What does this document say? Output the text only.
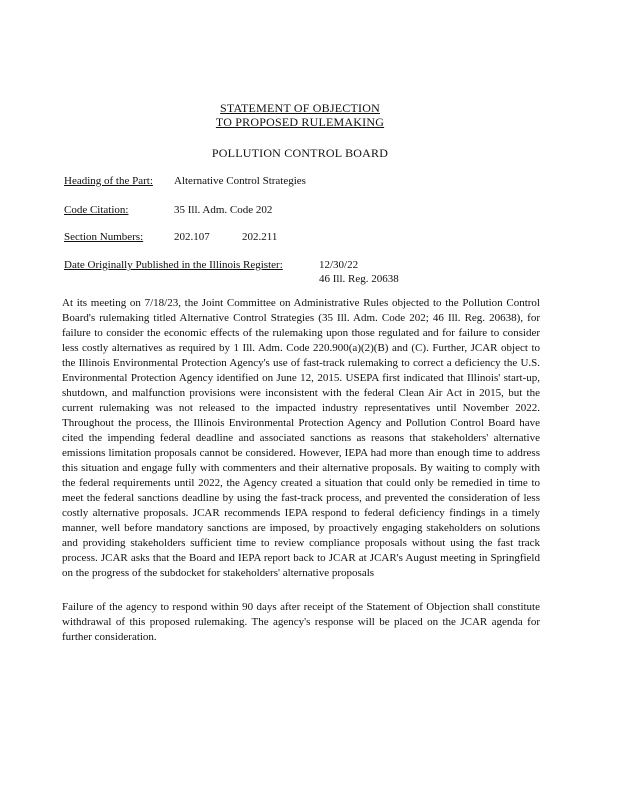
STATEMENT OF OBJECTION
TO PROPOSED RULEMAKING
POLLUTION CONTROL BOARD
Heading of the Part: Alternative Control Strategies
Code Citation:	35 Ill. Adm. Code 202
Section Numbers:	202.107	202.211
Date Originally Published in the Illinois Register:	12/30/22
46 Ill. Reg. 20638

At its meeting on 7/18/23, the Joint Committee on Administrative Rules objected to the Pollution Control Board's rulemaking titled Alternative Control Strategies (35 Ill. Adm. Code 202; 46 Ill. Reg. 20638), for failure to consider the economic effects of the rulemaking upon those regulated and for failure to consider less costly alternatives as required by 1 Ill. Adm. Code 220.900(a)(2)(B) and (C). Further, JCAR object to the Illinois Environmental Protection Agency's use of fast-track rulemaking to correct a deficiency the U.S. Environmental Protection Agency identified on June 12, 2015. USEPA first indicated that Illinois' start-up, shutdown, and malfunction provisions were inconsistent with the federal Clean Air Act in 2015, but the current rulemaking was not released to the impacted industry representatives until November 2022. Throughout the process, the Illinois Environmental Protection Agency and Pollution Control Board have cited the impending federal deadline and associated sanctions as reasons that stakeholders' alternative emissions limitation proposals cannot be considered. However, IEPA had more than enough time to address this situation and engage fully with commenters and their alternative proposals. By waiting to comply with the federal requirements until 2022, the Agency created a situation that could only be remedied in time to meet the federal sanctions deadline by using the fast-track process, and prevented the consideration of less costly alternative proposals. JCAR recommends IEPA respond to federal deficiency findings in a timely manner, well before mandatory sanctions are imposed, by proactively engaging stakeholders on solutions and providing stakeholders sufficient time to review compliance proposals without using the fast track process. JCAR asks that the Board and IEPA report back to JCAR at JCAR's August meeting in Springfield on the progress of the subdocket for stakeholders' alternative proposals

Failure of the agency to respond within 90 days after receipt of the Statement of Objection shall constitute withdrawal of this proposed rulemaking. The agency's response will be placed on the JCAR agenda for further consideration.
